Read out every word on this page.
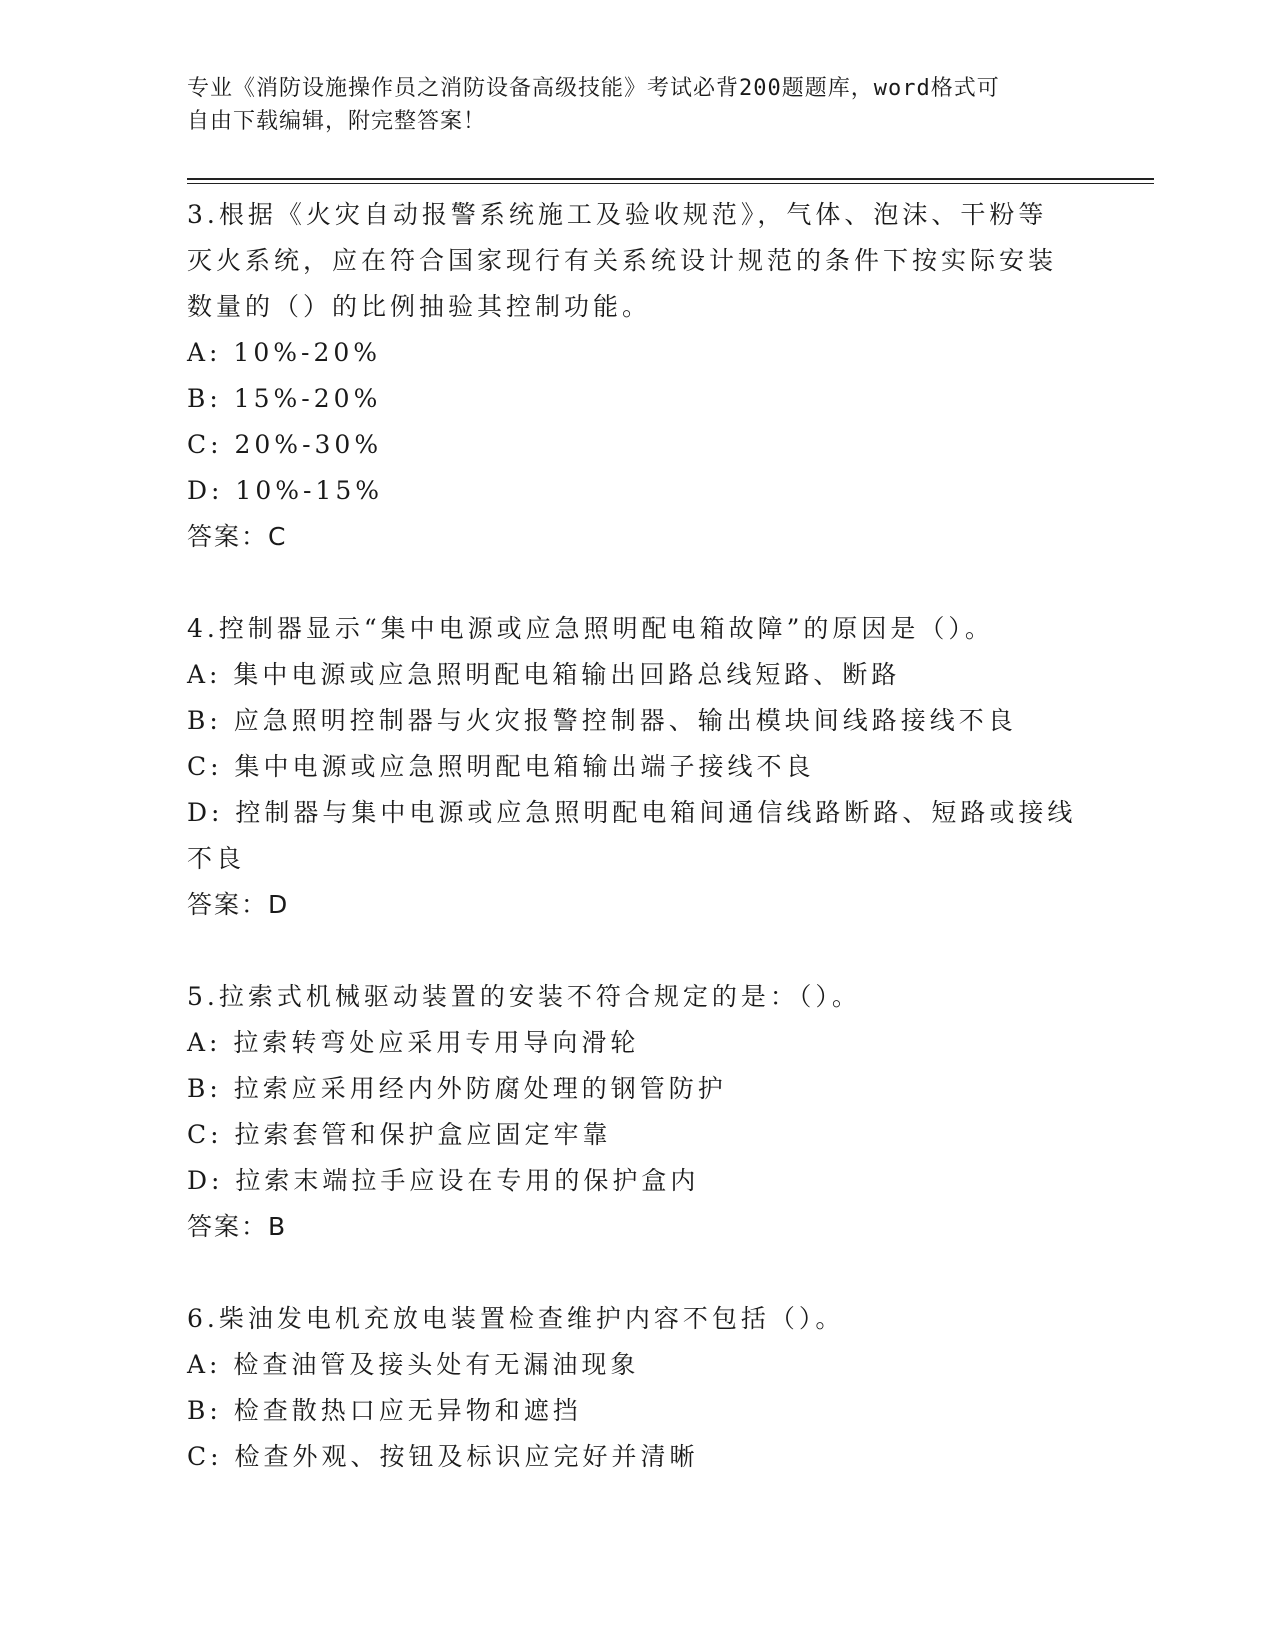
专业《消防设施操作员之消防设备高级技能》考试必背200题题库，word格式可
自由下载编辑，附完整答案！
3.根据《火灾自动报警系统施工及验收规范》，气体、泡沫、干粉等
灭火系统，应在符合国家现行有关系统设计规范的条件下按实际安装
数量的（）的比例抽验其控制功能。
A: 10%-20%
B: 15%-20%
C: 20%-30%
D: 10%-15%
答案：C
4.控制器显示“集中电源或应急照明配电箱故障”的原因是（）。
A: 集中电源或应急照明配电箱输出回路总线短路、断路
B: 应急照明控制器与火灾报警控制器、输出模块间线路接线不良
C: 集中电源或应急照明配电箱输出端子接线不良
D: 控制器与集中电源或应急照明配电箱间通信线路断路、短路或接线
不良
答案：D
5.拉索式机械驱动装置的安装不符合规定的是：（）。
A: 拉索转弯处应采用专用导向滑轮
B: 拉索应采用经内外防腐处理的钢管防护
C: 拉索套管和保护盒应固定牢靠
D: 拉索末端拉手应设在专用的保护盒内
答案：B
6.柴油发电机充放电装置检查维护内容不包括（）。
A: 检查油管及接头处有无漏油现象
B: 检查散热口应无异物和遮挡
C: 检查外观、按钮及标识应完好并清晰
